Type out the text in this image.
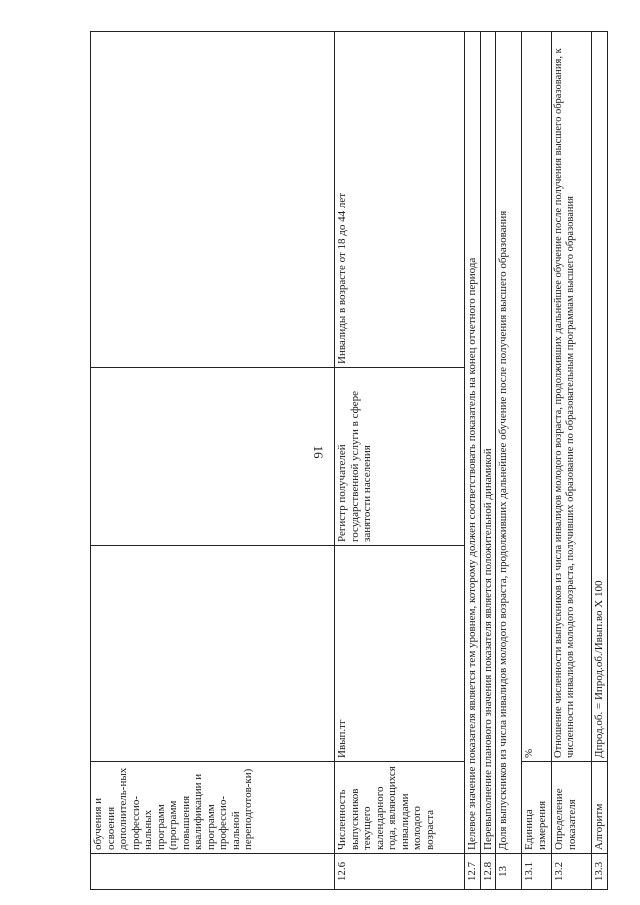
16
	обучения и освоения дополнитель-ных профессио-нальных программ (программ повышения квалификации и программ профессио-нальной переподготов-ки)			
12.6	Численность выпускников текущего календарного года, являющихся инвалидами молодого возраста	Ивып.тг	Регистр получателей государственной услуги в сфере занятости населения	Инвалиды в возрасте от 18 до 44 лет
12.7	Целевое значение показателя является тем уровнем, которому должен соответствовать показатель на конец отчетного периода			
12.8	Перевыполнение планового значения показателя является положительной динамикой			
13	Доля выпускников из числа инвалидов молодого возраста, продолживших дальнейшее обучение после получения высшего образования			
13.1	Единица измерения	%		
13.2	Определение показателя	Отношение численности выпускников из числа инвалидов молодого возраста, продолживших дальнейшее обучение после получения высшего образования, к численности инвалидов молодого возраста, получивших образование по образовательным программам высшего образования		
13.3	Алгоритм	Дпрод.об. = Ипрод.об./Ивып.во Х 100		
